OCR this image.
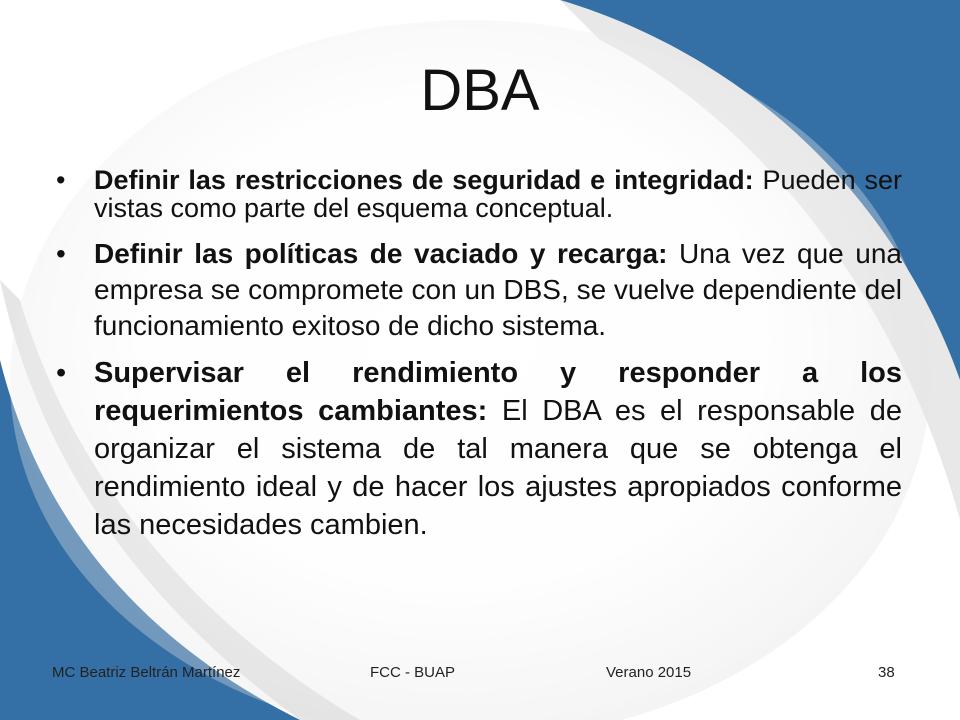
DBA
• Definir las restricciones de seguridad e integridad: Pueden ser vistas como parte del esquema conceptual.
• Definir las políticas de vaciado y recarga: Una vez que una empresa se compromete con un DBS, se vuelve dependiente del funcionamiento exitoso de dicho sistema.
• Supervisar el rendimiento y responder a los requerimientos cambiantes: El DBA es el responsable de organizar el sistema de tal manera que se obtenga el rendimiento ideal y de hacer los ajustes apropiados conforme las necesidades cambien.
MC Beatriz Beltrán Martínez	FCC - BUAP	Verano 2015	38
